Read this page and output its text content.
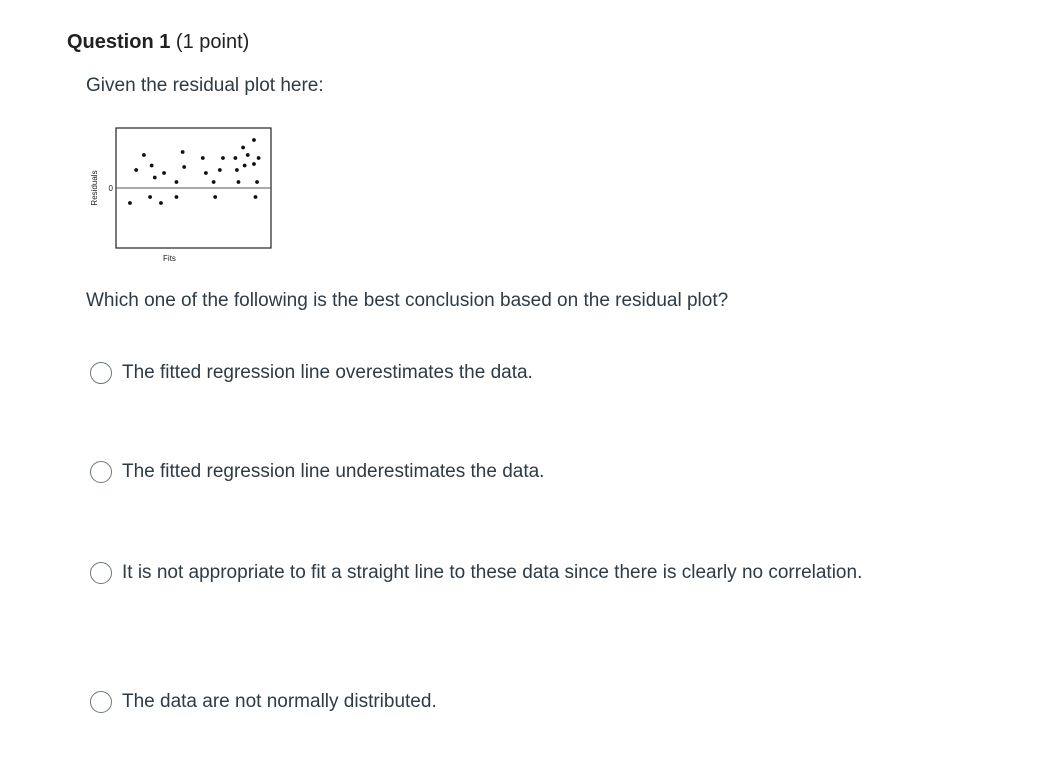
Question 1 (1 point)
Given the residual plot here:
0
Fits
Residuals
Which one of the following is the best conclusion based on the residual plot?
The fitted regression line overestimates the data.
The fitted regression line underestimates the data.
It is not appropriate to fit a straight line to these data since there is clearly no correlation.
The data are not normally distributed.
